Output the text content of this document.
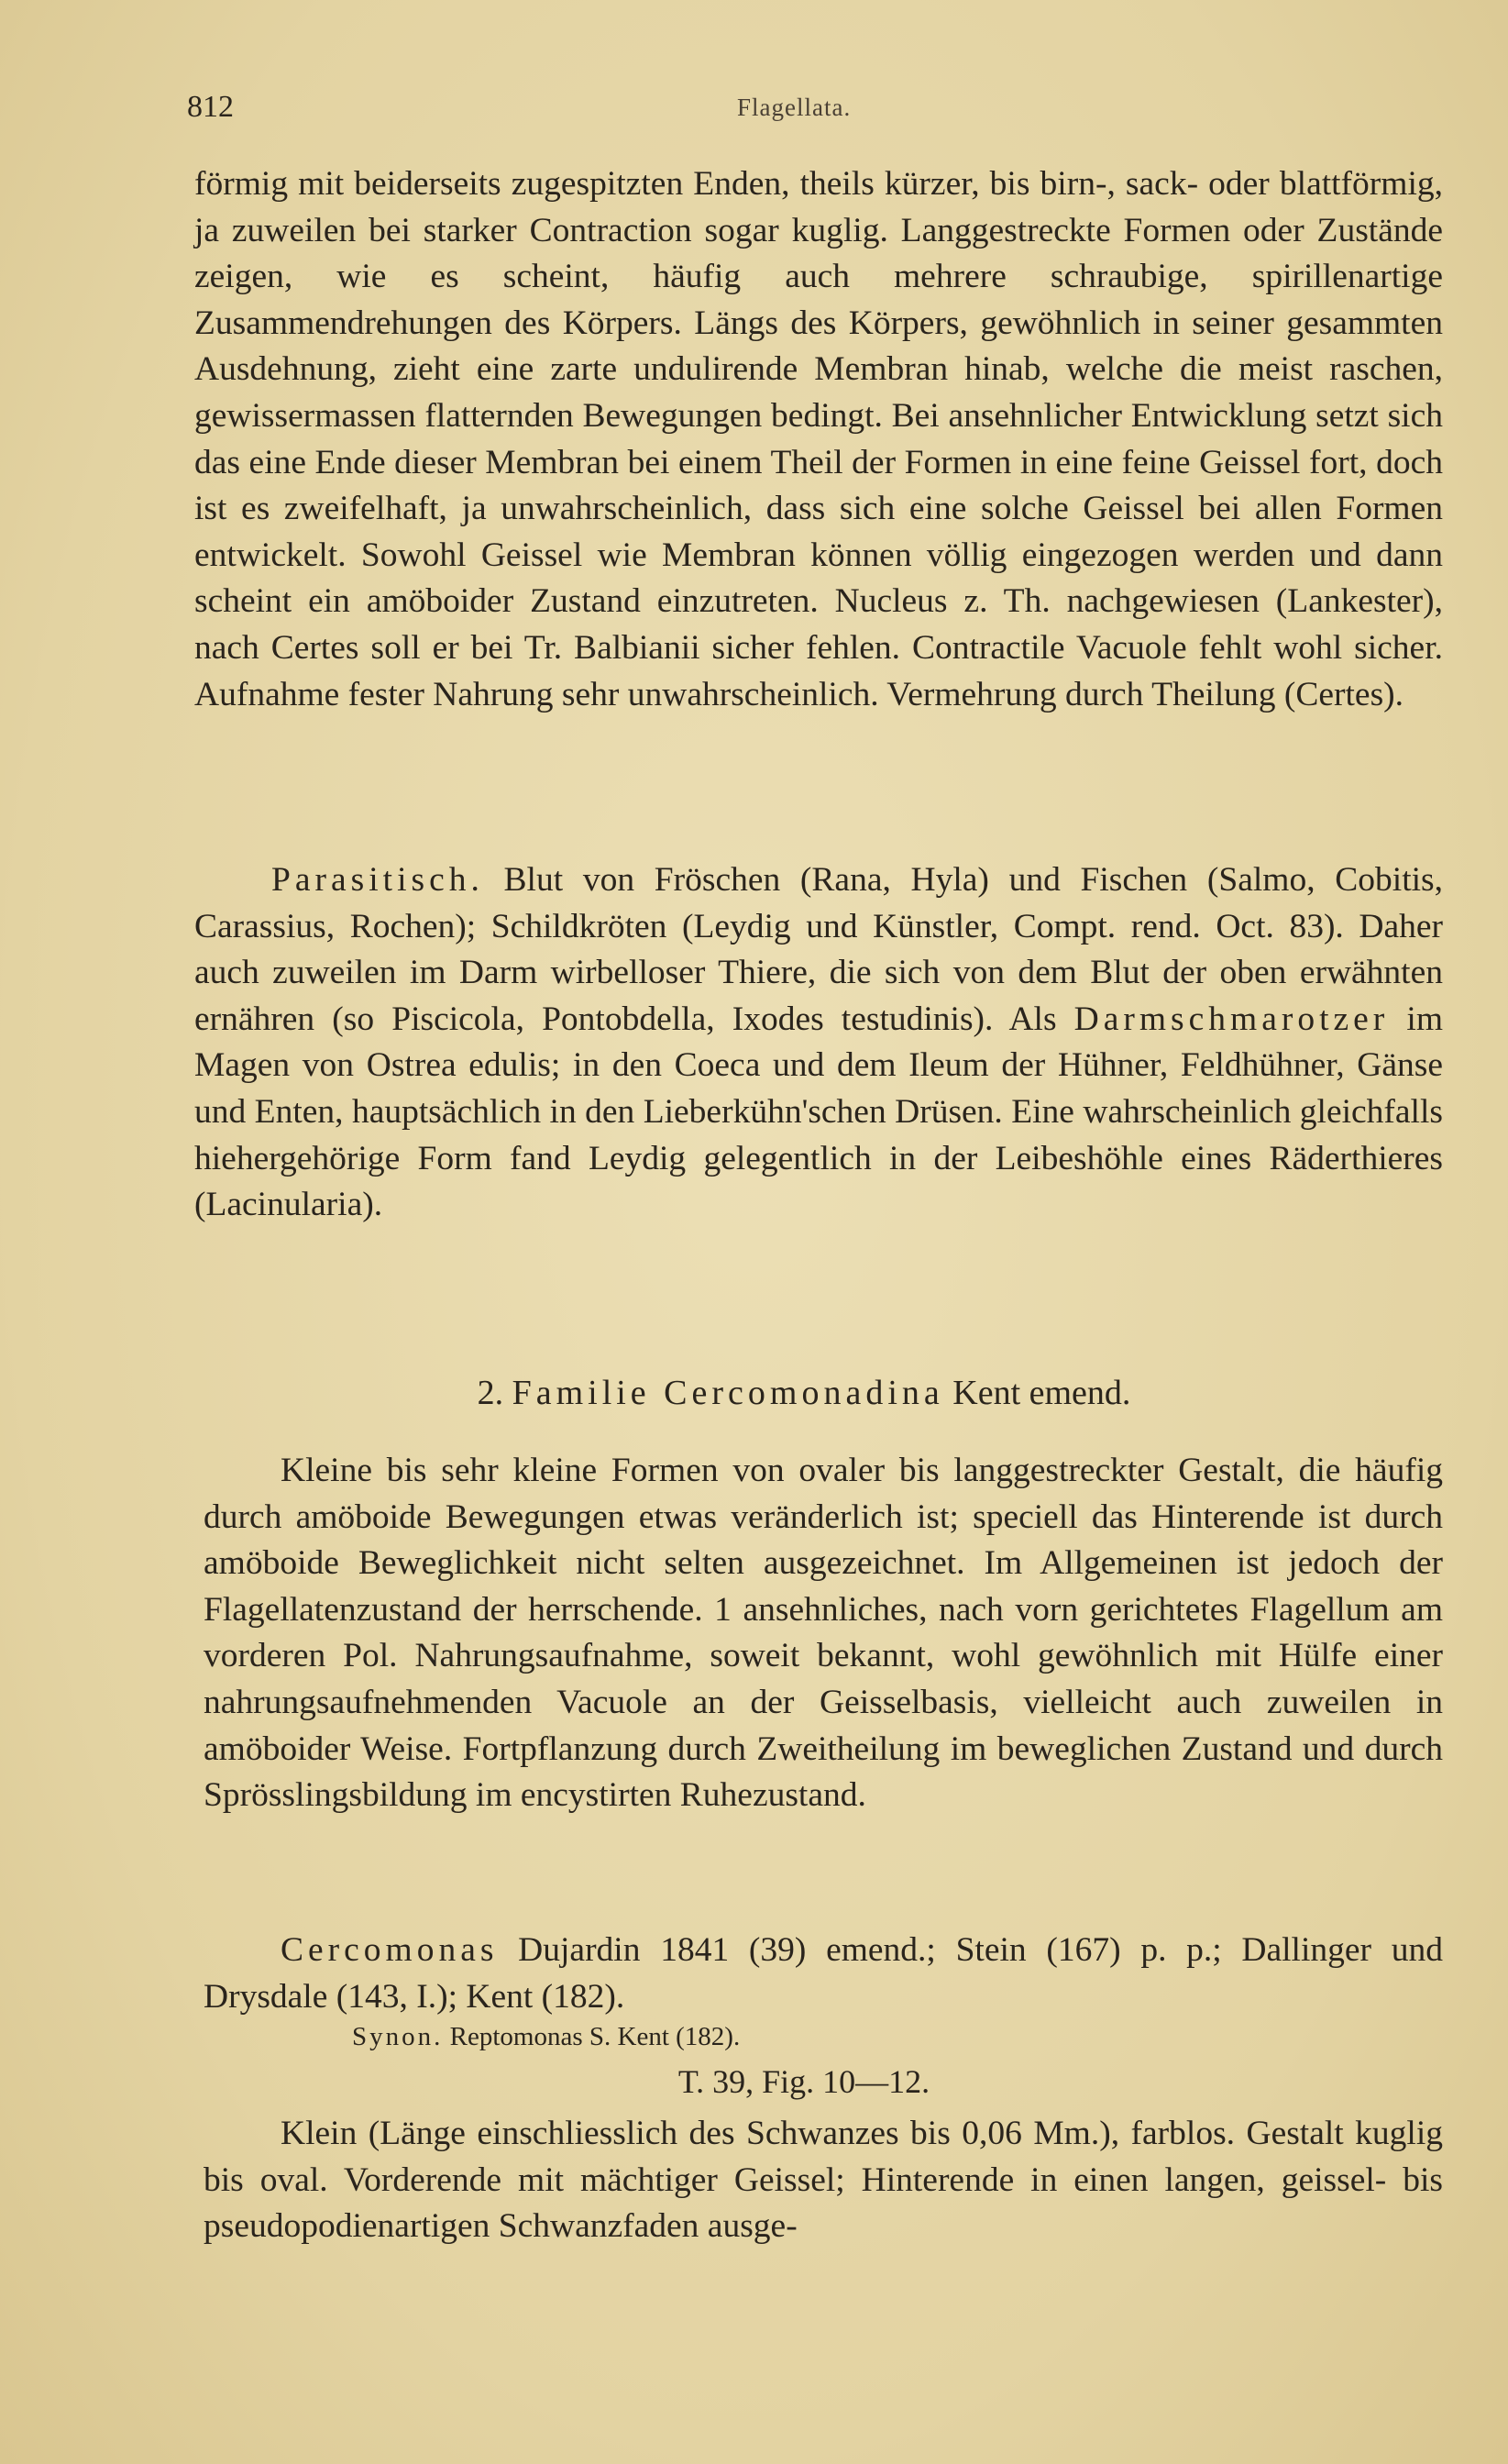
812	Flagellata.

förmig mit beiderseits zugespitzten Enden, theils kürzer, bis birn-, sack- oder blattförmig, ja zuweilen bei starker Contraction sogar kuglig. Langgestreckte Formen oder Zustände zeigen, wie es scheint, häufig auch mehrere schraubige, spirillenartige Zusammendrehungen des Körpers. Längs des Körpers, gewöhnlich in seiner gesammten Ausdehnung, zieht eine zarte undulirende Membran hinab, welche die meist raschen, gewissermassen flatternden Bewegungen bedingt. Bei ansehnlicher Entwicklung setzt sich das eine Ende dieser Membran bei einem Theil der Formen in eine feine Geissel fort, doch ist es zweifelhaft, ja unwahrscheinlich, dass sich eine solche Geissel bei allen Formen entwickelt. Sowohl Geissel wie Membran können völlig eingezogen werden und dann scheint ein amöboider Zustand einzutreten. Nucleus z. Th. nachgewiesen (Lankester), nach Certes soll er bei Tr. Balbianii sicher fehlen. Contractile Vacuole fehlt wohl sicher. Aufnahme fester Nahrung sehr unwahrscheinlich. Vermehrung durch Theilung (Certes).

Parasitisch. Blut von Fröschen (Rana, Hyla) und Fischen (Salmo, Cobitis, Carassius, Rochen); Schildkröten (Leydig und Künstler, Compt. rend. Oct. 83). Daher auch zuweilen im Darm wirbelloser Thiere, die sich von dem Blut der oben erwähnten ernähren (so Piscicola, Pontobdella, Ixodes testudinis). Als Darmschmarotzer im Magen von Ostrea edulis; in den Coeca und dem Ileum der Hühner, Feldhühner, Gänse und Enten, hauptsächlich in den Lieberkühn'schen Drüsen. Eine wahrscheinlich gleichfalls hiehergehörige Form fand Leydig gelegentlich in der Leibeshöhle eines Räderthieres (Lacinularia).

2. Familie Cercomonadina Kent emend.

Kleine bis sehr kleine Formen von ovaler bis langgestreckter Gestalt, die häufig durch amöboide Bewegungen etwas veränderlich ist; speciell das Hinterende ist durch amöboide Beweglichkeit nicht selten ausgezeichnet. Im Allgemeinen ist jedoch der Flagellatenzustand der herrschende. 1 ansehnliches, nach vorn gerichtetes Flagellum am vorderen Pol. Nahrungsaufnahme, soweit bekannt, wohl gewöhnlich mit Hülfe einer nahrungsaufnehmenden Vacuole an der Geisselbasis, vielleicht auch zuweilen in amöboider Weise. Fortpflanzung durch Zweitheilung im beweglichen Zustand und durch Sprösslingsbildung im encystirten Ruhezustand.

Cercomonas Dujardin 1841 (39) emend.; Stein (167) p. p.; Dallinger und Drysdale (143, I.); Kent (182).

Synon. Reptomonas S. Kent (182).
T. 39, Fig. 10—12.

Klein (Länge einschliesslich des Schwanzes bis 0,06 Mm.), farblos. Gestalt kuglig bis oval. Vorderende mit mächtiger Geissel; Hinterende in einen langen, geissel- bis pseudopodienartigen Schwanzfaden ausge-
